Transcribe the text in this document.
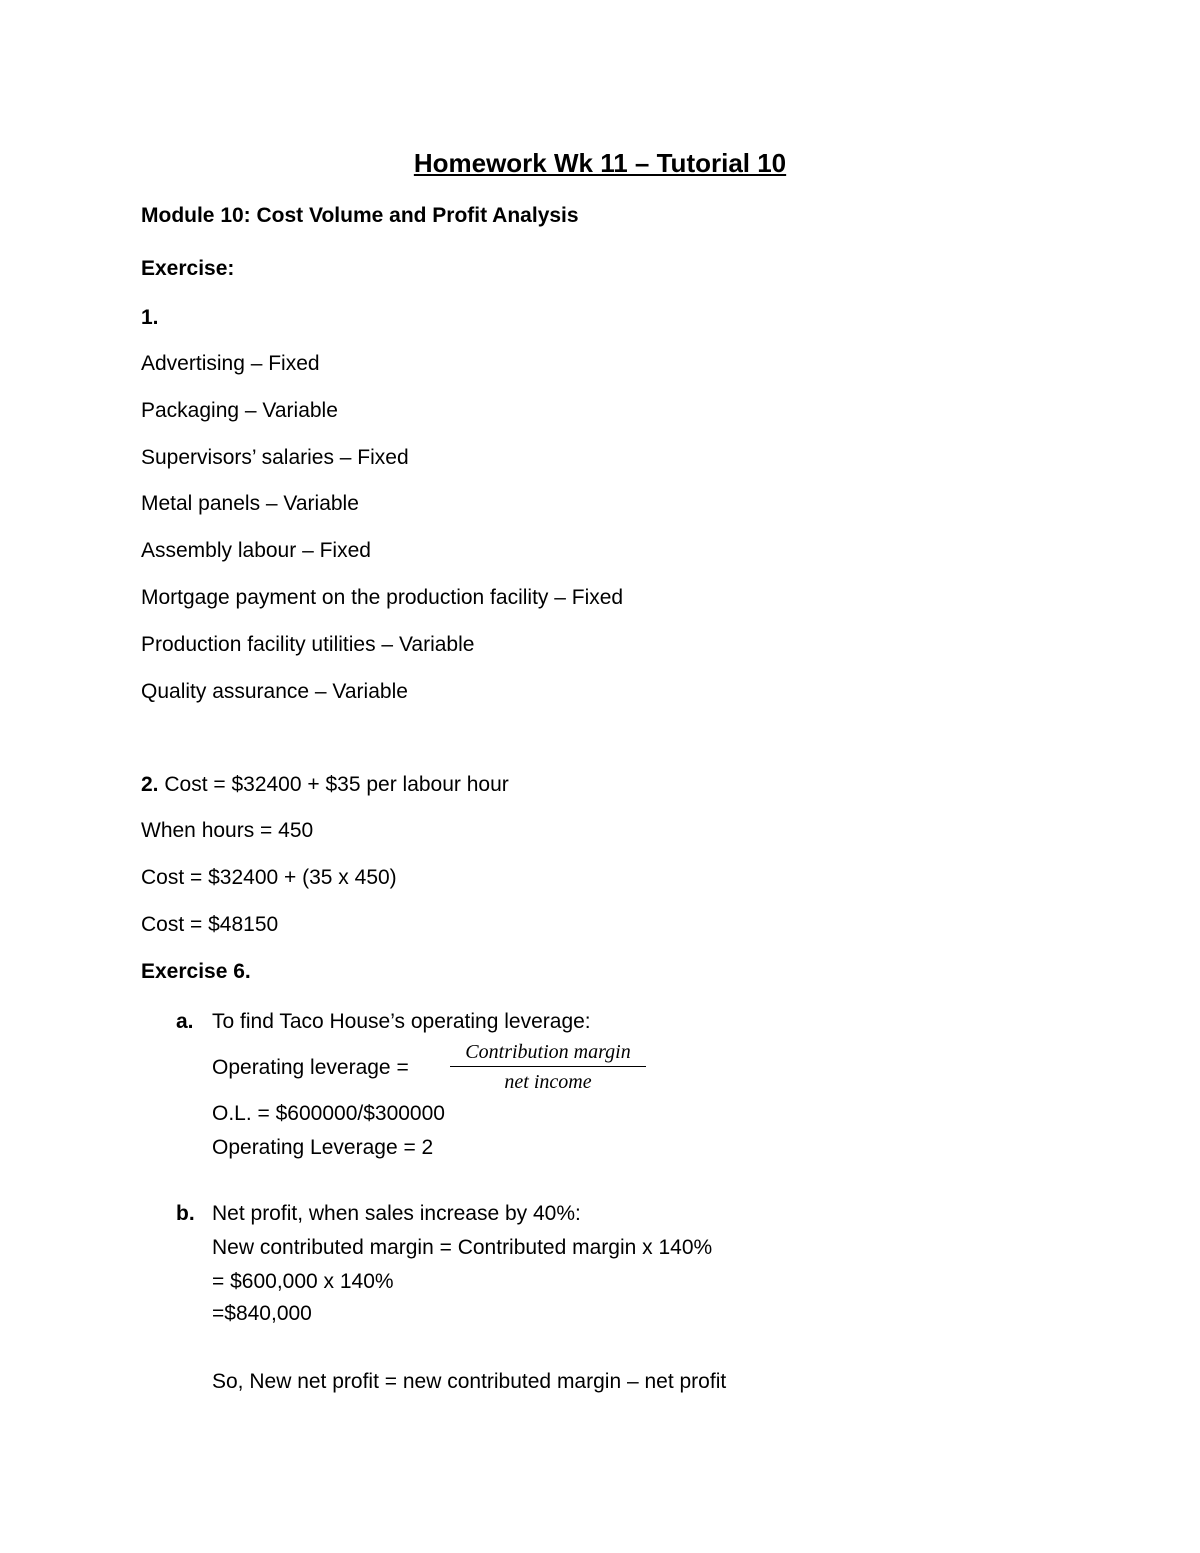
Homework Wk 11 – Tutorial 10
Module 10: Cost Volume and Profit Analysis
Exercise:
1.
Advertising – Fixed
Packaging – Variable
Supervisors’ salaries – Fixed
Metal panels – Variable
Assembly labour – Fixed
Mortgage payment on the production facility – Fixed
Production facility utilities – Variable
Quality assurance – Variable
2. Cost = $32400 + $35 per labour hour
When hours = 450
Cost = $32400 + (35 x 450)
Cost = $48150
Exercise 6.
a. To find Taco House’s operating leverage:
Operating leverage =
Contribution margin
net income
O.L. = $600000/$300000
Operating Leverage = 2
b. Net profit, when sales increase by 40%:
New contributed margin = Contributed margin x 140%
= $600,000 x 140%
=$840,000
So, New net profit = new contributed margin – net profit
